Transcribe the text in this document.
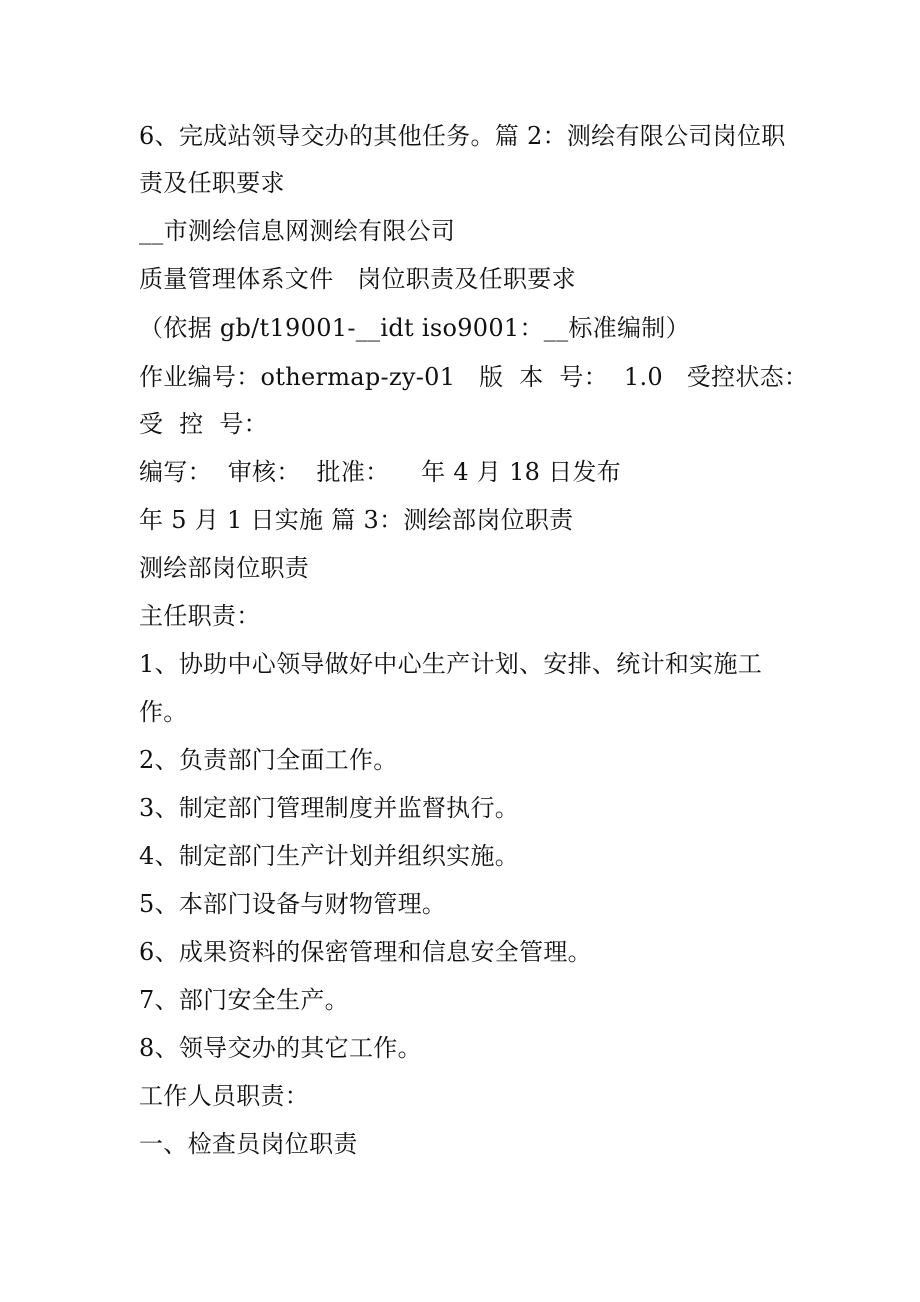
6、完成站领导交办的其他任务。篇 2：测绘有限公司岗位职
责及任职要求
__市测绘信息网测绘有限公司
质量管理体系文件   岗位职责及任职要求
（依据 gb/t19001-__idt iso9001：__标准编制）
作业编号：othermap-zy-01   版  本  号：  1.0   受控状态：
受  控  号：
编写：  审核：  批准：    年 4 月 18 日发布
年 5 月 1 日实施 篇 3：测绘部岗位职责
测绘部岗位职责
主任职责：
1、协助中心领导做好中心生产计划、安排、统计和实施工
作。
2、负责部门全面工作。
3、制定部门管理制度并监督执行。
4、制定部门生产计划并组织实施。
5、本部门设备与财物管理。
6、成果资料的保密管理和信息安全管理。
7、部门安全生产。
8、领导交办的其它工作。
工作人员职责：
一、检查员岗位职责
